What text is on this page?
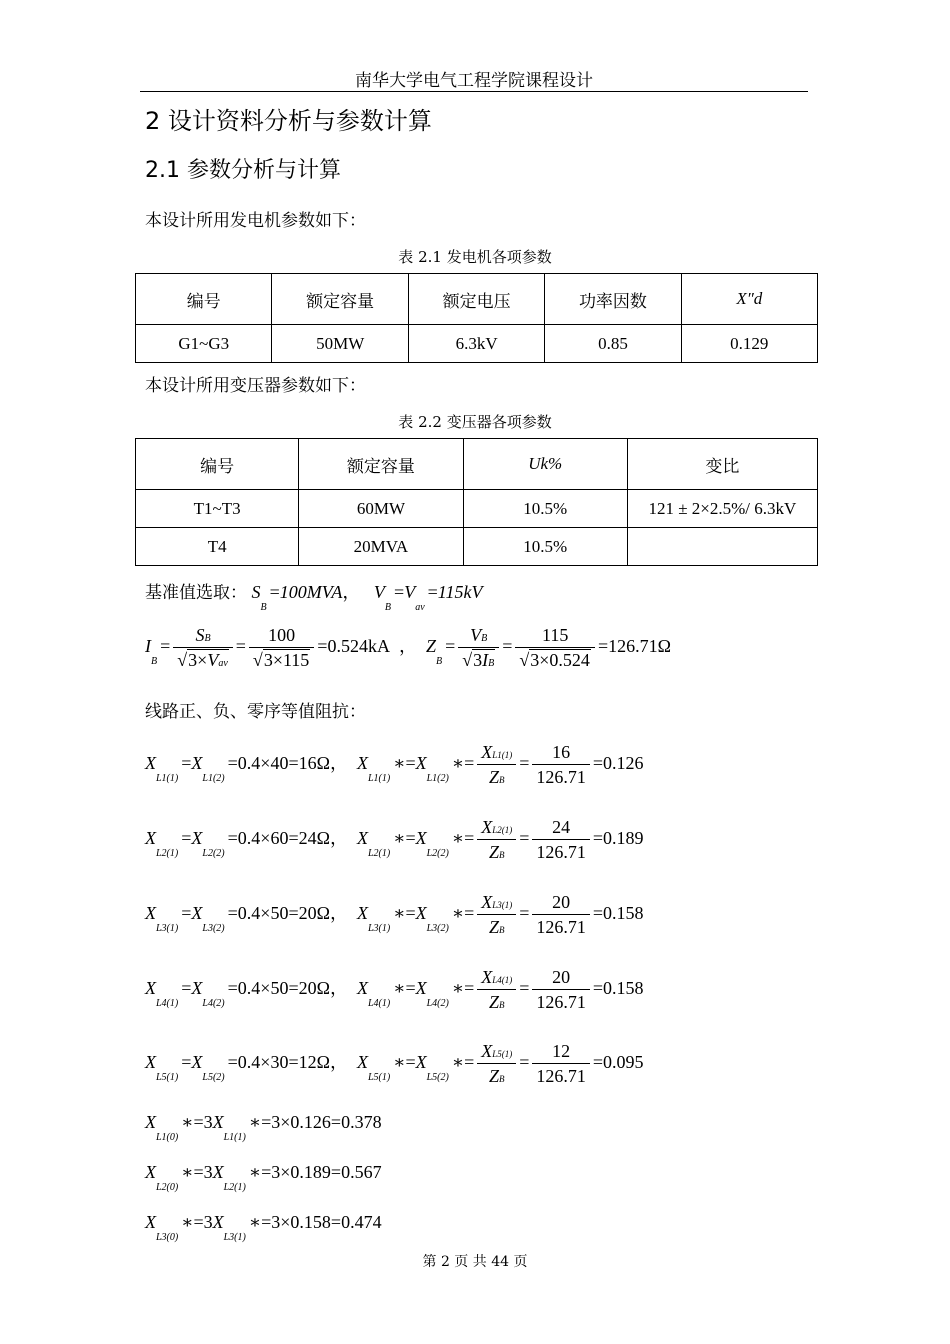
南华大学电气工程学院课程设计
2 设计资料分析与参数计算
2.1 参数分析与计算
本设计所用发电机参数如下：
表 2.1 发电机各项参数
编号	额定容量	额定电压	功率因数	X″d
G1~G3	50MW	6.3kV	0.85	0.129
本设计所用变压器参数如下：
表 2.2 变压器各项参数
编号	额定容量	Uk%	变比
T1~T3	60MW	10.5%	121 ± 2×2.5%/ 6.3kV
T4	20MVA	10.5%	
基准值选取： $S_B=100MVA$，   $V_B=V_{av}=115kV$
$I_B= \frac{SB}{\text{√3×Vav}} = \frac{100}{√3\times 115} =0.524kA$  ，  $Z_B= \frac{VB}{√3IB} = \frac{115}{√3\times 0.524} =126.71\Omega$
线路正、负、零序等值阻抗：
$X_{L1(1)}=X_{L1(2)}=0.4\times 40=16\Omega$，  $X_{L1(1)}∗=X_{L1(2)}∗= \frac{XL1(1)}{ZB} = \frac{16}{126.71} =0.126$
$X_{L2(1)}=X_{L2(2)}=0.4\times 60=24\Omega$，  $X_{L2(1)}∗=X_{L2(2)}∗= \frac{XL2(1)}{ZB} = \frac{24}{126.71} =0.189$
$X_{L3(1)}=X_{L3(2)}=0.4\times 50=20\Omega$，  $X_{L3(1)}∗=X_{L3(2)}∗= \frac{XL3(1)}{ZB} = \frac{20}{126.71} =0.158$
$X_{L4(1)}=X_{L4(2)}=0.4\times 50=20\Omega$，  $X_{L4(1)}∗=X_{L4(2)}∗= \frac{XL4(1)}{ZB} = \frac{20}{126.71} =0.158$
$X_{L5(1)}=X_{L5(2)}=0.4\times 30=12\Omega$，  $X_{L5(1)}∗=X_{L5(2)}∗= \frac{XL5(1)}{ZB} = \frac{12}{126.71} =0.095$
$X_{L1(0)}∗=3X_{L1(1)}∗=3\times 0.126=0.378$
$X_{L2(0)}∗=3X_{L2(1)}∗=3\times 0.189=0.567$
$X_{L3(0)}∗=3X_{L3(1)}∗=3\times 0.158=0.474$
第 2 页 共 44 页
